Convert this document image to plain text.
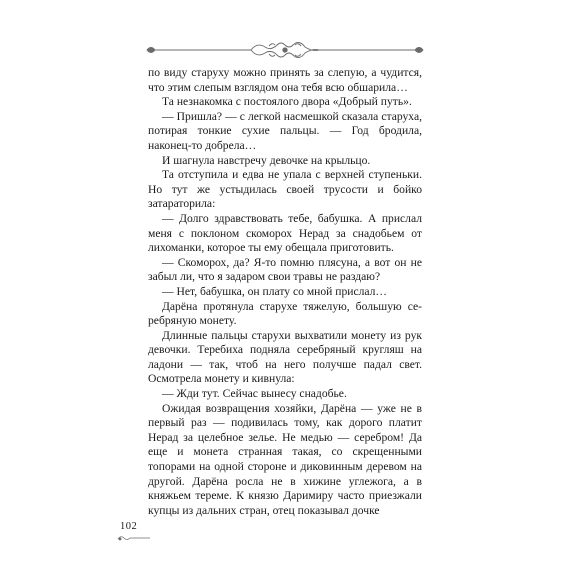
по виду старуху можно принять за слепую, а чудится, что этим слепым взглядом она тебя всю обшарила…

Та незнакомка с постоялого двора «Добрый путь».

— Пришла? — с легкой насмешкой сказала старуха, потирая тонкие сухие пальцы. — Год бродила, наконец-то добрела…

И шагнула навстречу девочке на крыльцо.

Та отступила и едва не упала с верхней ступеньки. Но тут же устыдилась своей трусости и бойко затараторила:

— Долго здравствовать тебе, бабушка. А прислал меня с поклоном скоморох Нерад за снадобьем от лихоманки, которое ты ему обещала приготовить.

— Скоморох, да? Я-то помню плясуна, а вот он не забыл ли, что я задаром свои травы не раздаю?

— Нет, бабушка, он плату со мной прислал…

Дарёна протянула старухе тяжелую, большую серебряную монету.

Длинные пальцы старухи выхватили монету из рук девочки. Теребиха подняла серебряный кругляш на ладони — так, чтоб на него получше падал свет. Осмотрела монету и кивнула:

— Жди тут. Сейчас вынесу снадобье.

Ожидая возвращения хозяйки, Дарёна — уже не в первый раз — подивилась тому, как дорого платит Нерад за целебное зелье. Не медью — серебром! Да еще и монета странная такая, со скрещенными топорами на одной стороне и диковинным деревом на другой. Дарёна росла не в хижине углежога, а в княжьем тереме. К князю Даримиру часто приезжали купцы из дальних стран, отец показывал дочке

102
